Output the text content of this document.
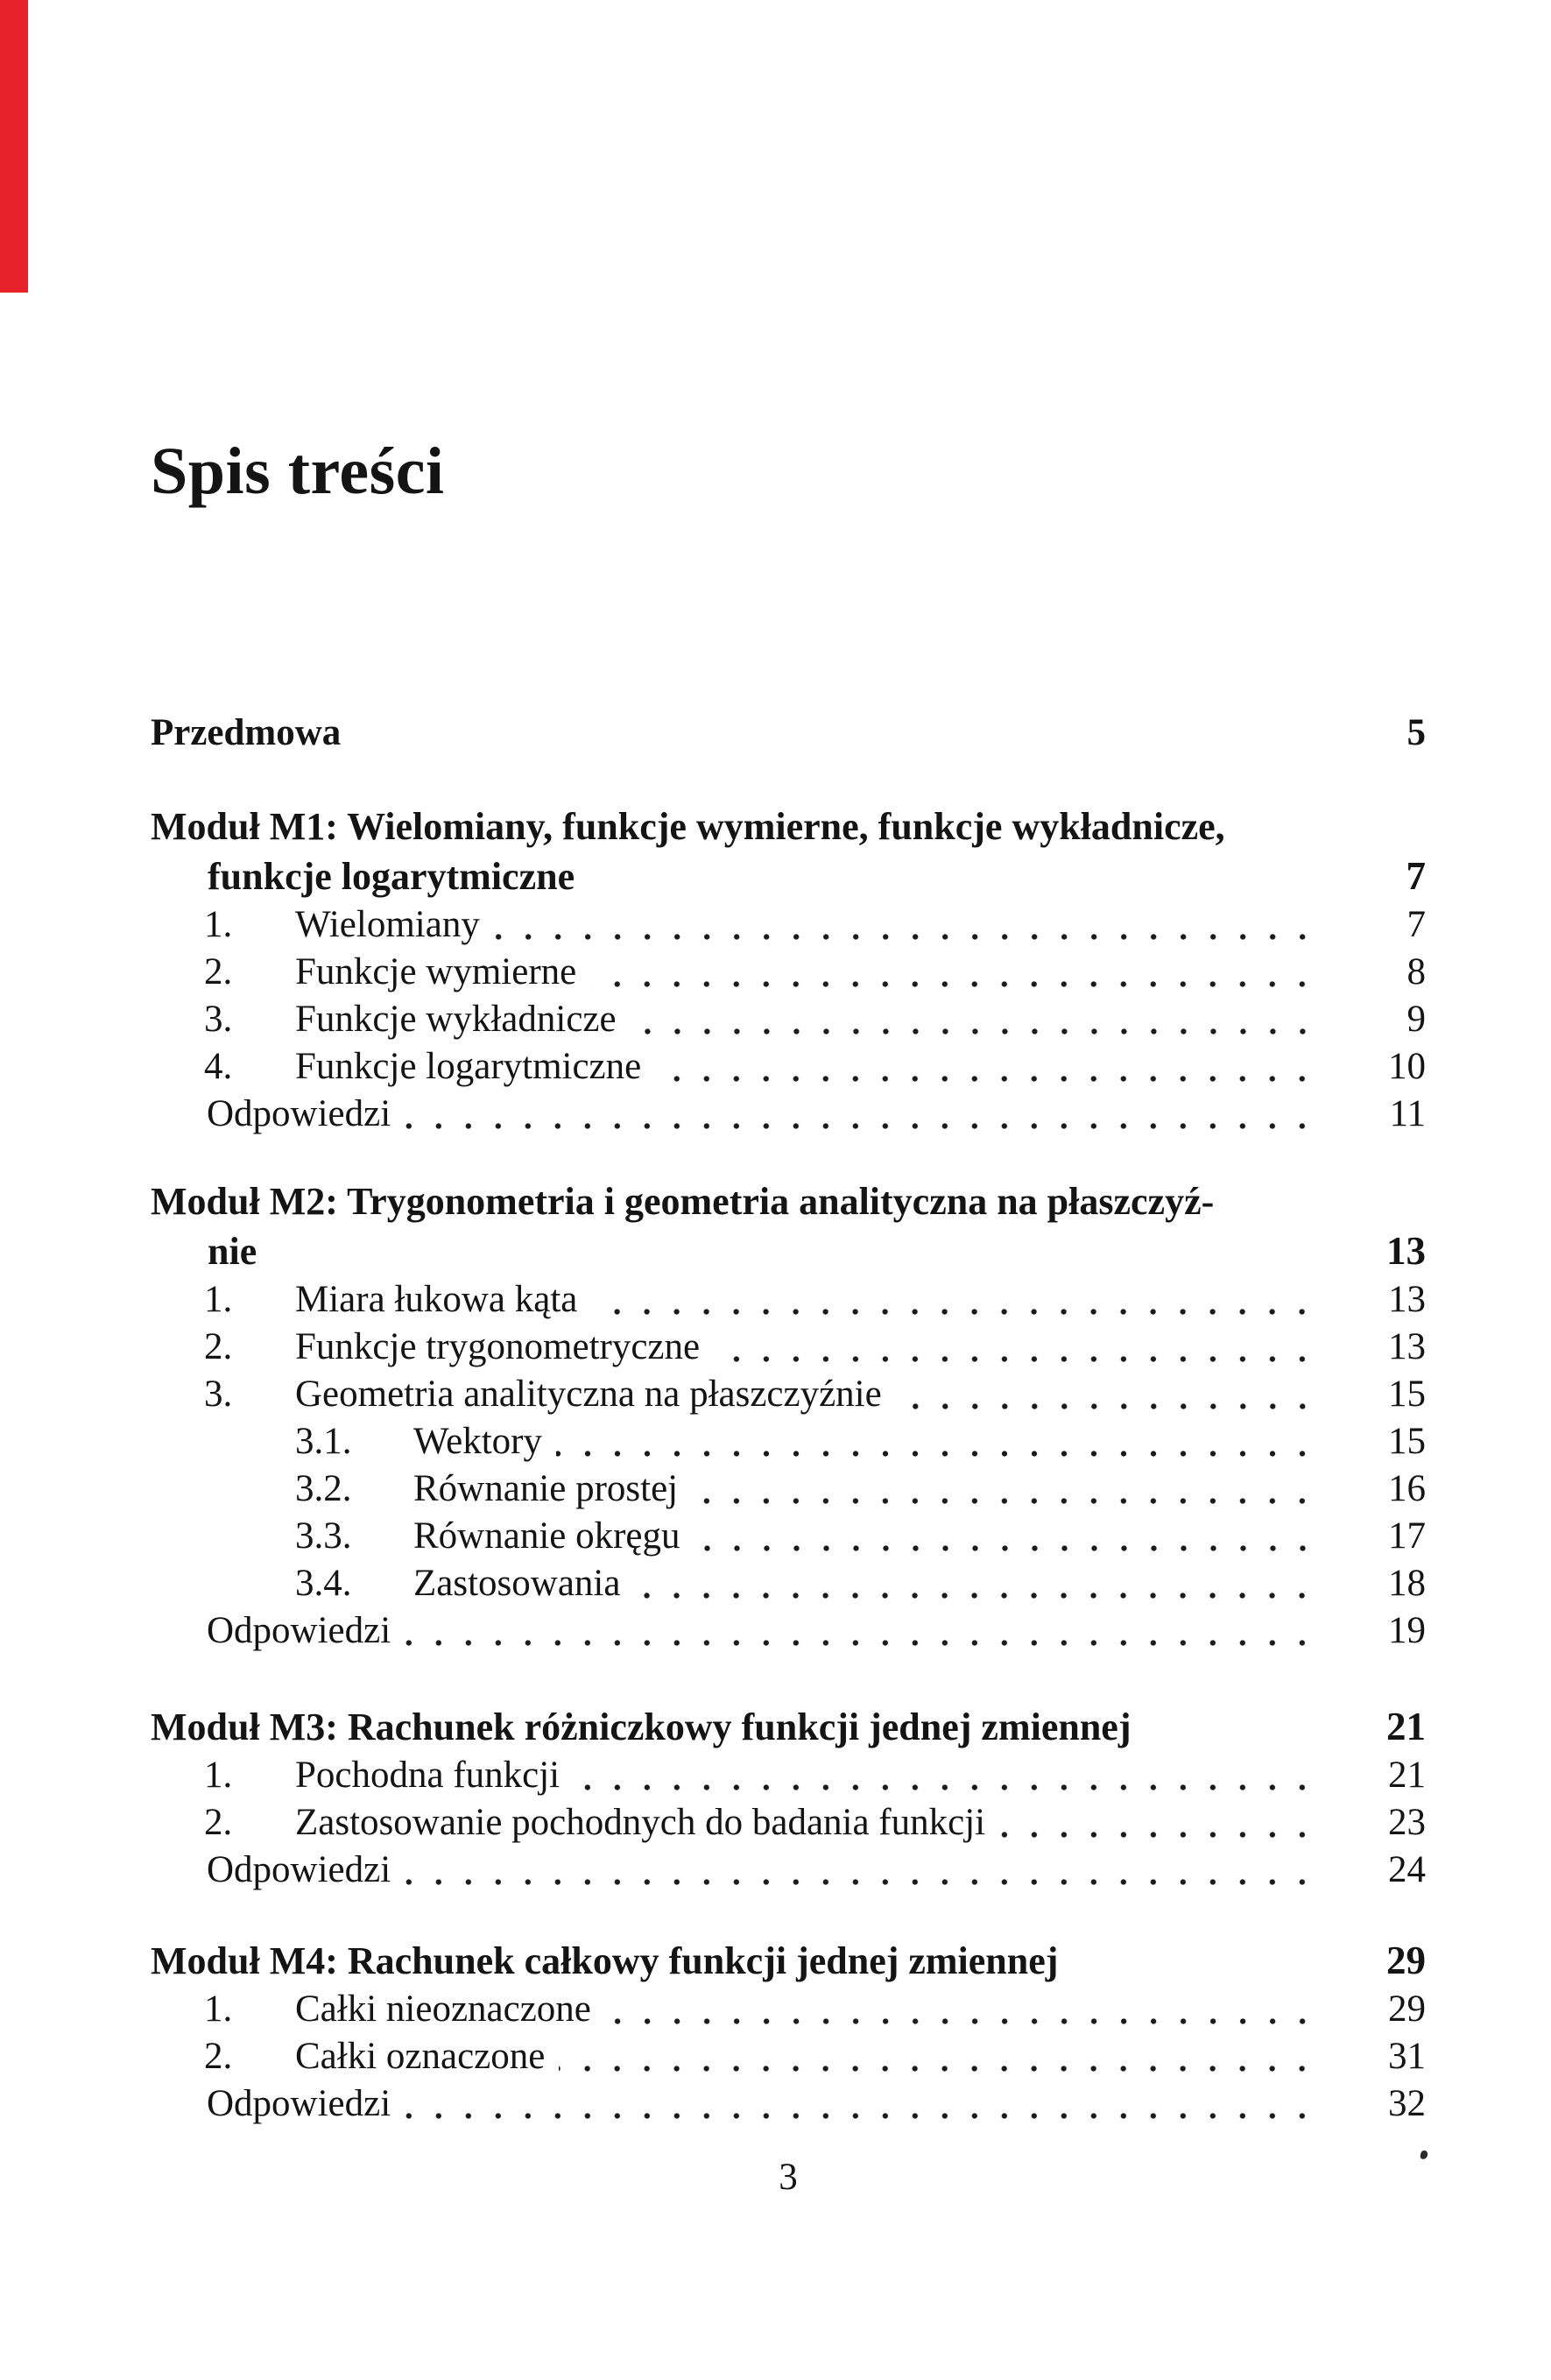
Spis treści
Przedmowa	5
Moduł M1: Wielomiany, funkcje wymierne, funkcje wykładnicze,
funkcje logarytmiczne	7
1.	Wielomiany	7
2.	Funkcje wymierne	8
3.	Funkcje wykładnicze	9
4.	Funkcje logarytmiczne	10
Odpowiedzi	11
Moduł M2: Trygonometria i geometria analityczna na płaszczyź-
nie	13
1.	Miara łukowa kąta	13
2.	Funkcje trygonometryczne	13
3.	Geometria analityczna na płaszczyźnie	15
3.1.	Wektory	15
3.2.	Równanie prostej	16
3.3.	Równanie okręgu	17
3.4.	Zastosowania	18
Odpowiedzi	19
Moduł M3: Rachunek różniczkowy funkcji jednej zmiennej	21
1.	Pochodna funkcji	21
2.	Zastosowanie pochodnych do badania funkcji	23
Odpowiedzi	24
Moduł M4: Rachunek całkowy funkcji jednej zmiennej	29
1.	Całki nieoznaczone	29
2.	Całki oznaczone	31
Odpowiedzi	32
3
